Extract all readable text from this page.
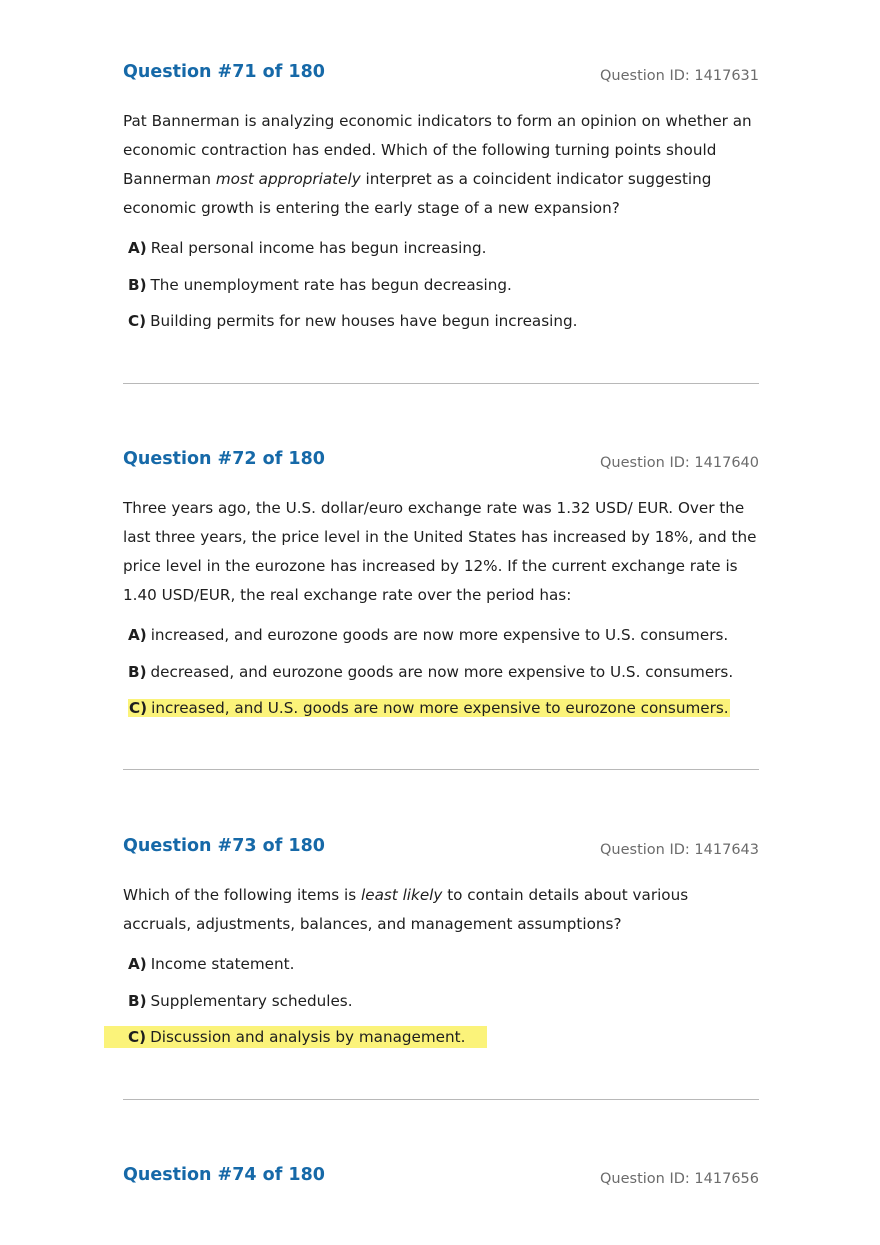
Question #71 of 180	Question ID: 1417631
Pat Bannerman is analyzing economic indicators to form an opinion on whether an economic contraction has ended. Which of the following turning points should Bannerman most appropriately interpret as a coincident indicator suggesting economic growth is entering the early stage of a new expansion?
A) Real personal income has begun increasing.
B) The unemployment rate has begun decreasing.
C) Building permits for new houses have begun increasing.
Question #72 of 180	Question ID: 1417640
Three years ago, the U.S. dollar/euro exchange rate was 1.32 USD/ EUR. Over the last three years, the price level in the United States has increased by 18%, and the price level in the eurozone has increased by 12%. If the current exchange rate is 1.40 USD/EUR, the real exchange rate over the period has:
A) increased, and eurozone goods are now more expensive to U.S. consumers.
B) decreased, and eurozone goods are now more expensive to U.S. consumers.
C) increased, and U.S. goods are now more expensive to eurozone consumers.
Question #73 of 180	Question ID: 1417643
Which of the following items is least likely to contain details about various accruals, adjustments, balances, and management assumptions?
A) Income statement.
B) Supplementary schedules.
C) Discussion and analysis by management.
Question #74 of 180	Question ID: 1417656
